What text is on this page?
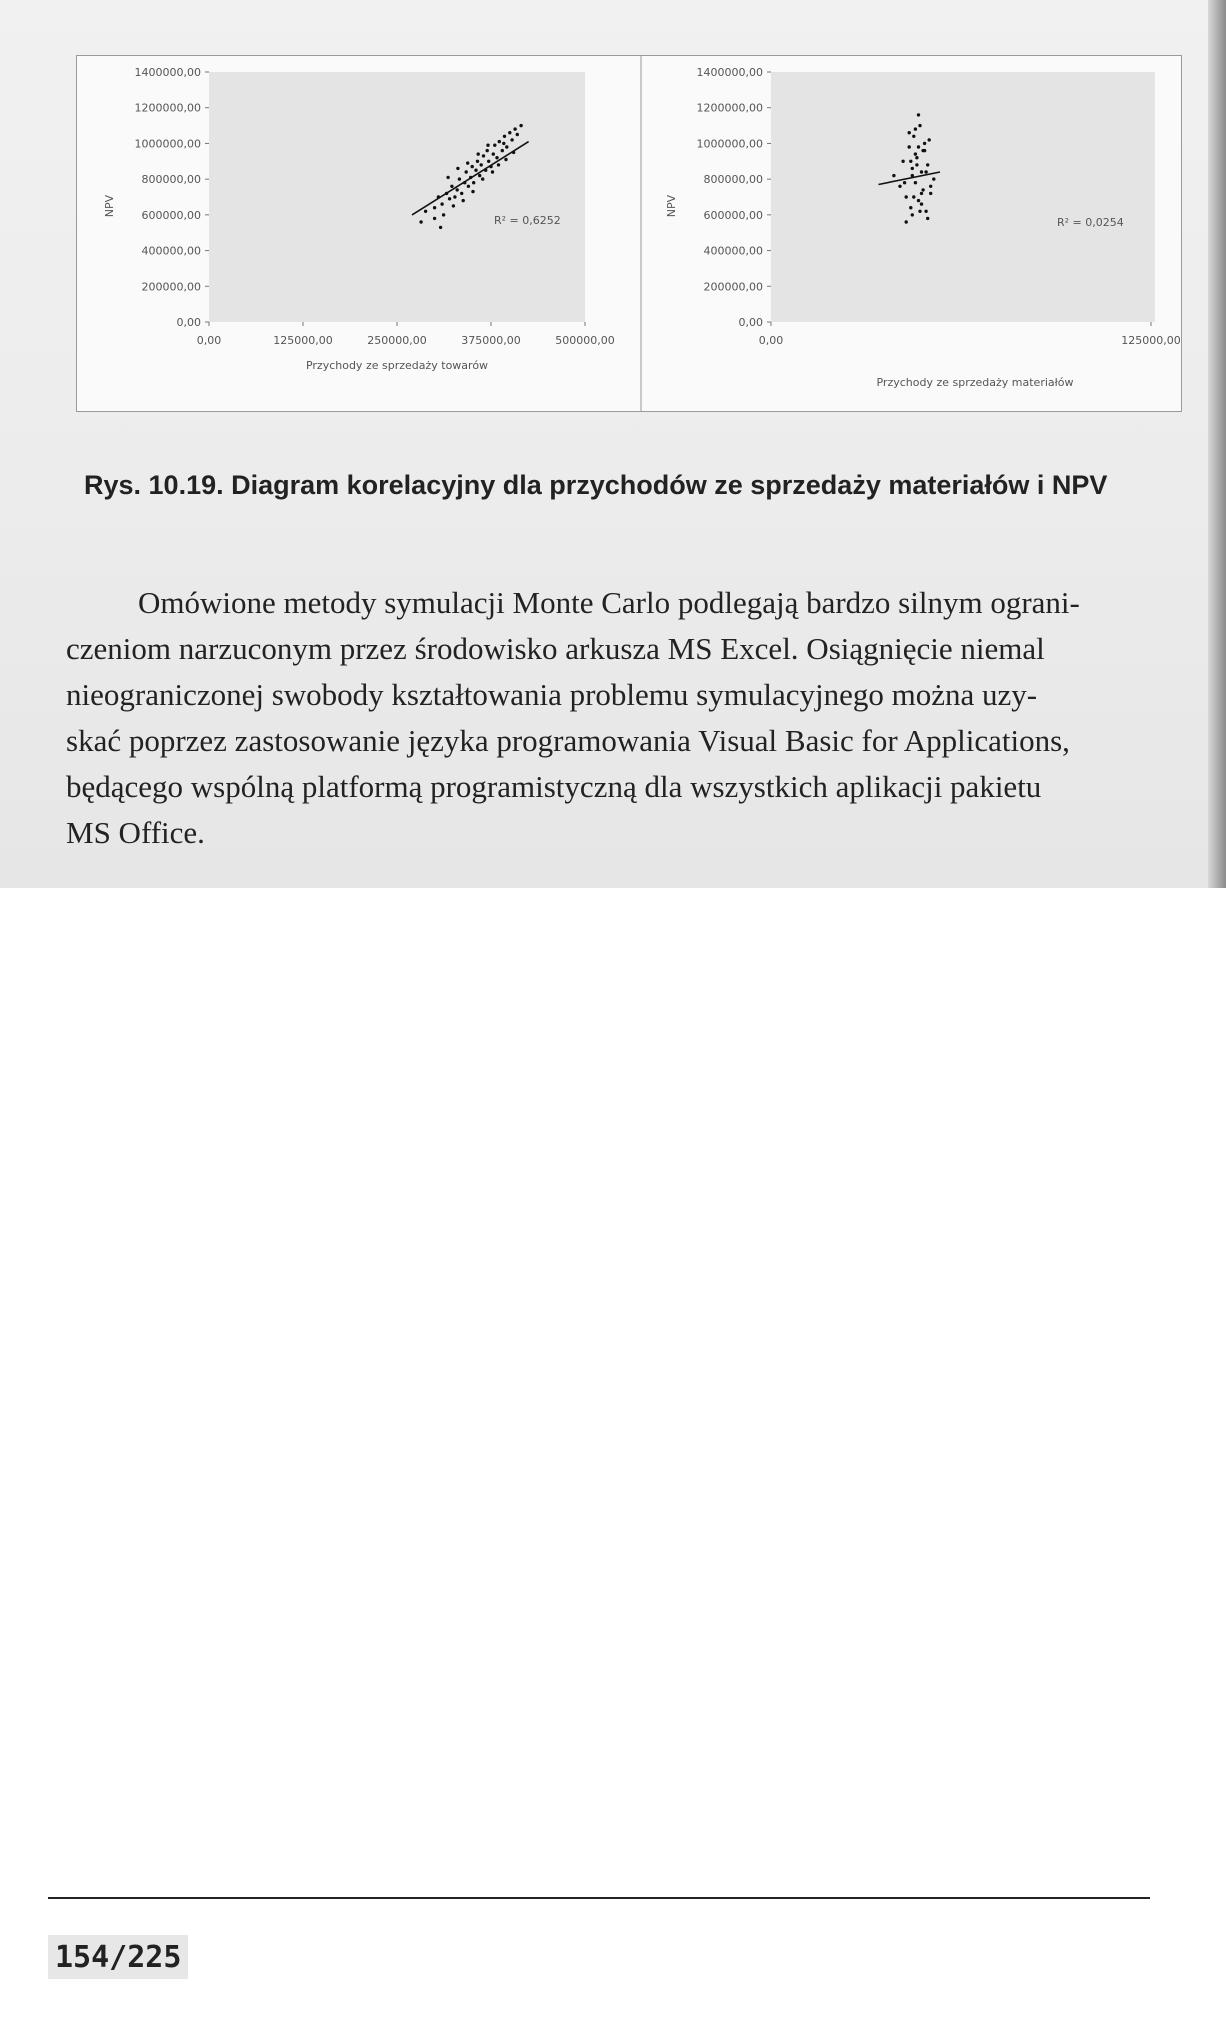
1400000,00
1200000,00
1000000,00
800000,00
600000,00
400000,00
200000,00
0,00
0,00	125000,00	250000,00	375000,00	500000,00
NPV
Przychody ze sprzedaży towarów
R² = 0,6252
1400000,00
1200000,00
1000000,00
800000,00
600000,00
400000,00
200000,00
0,00
0,00	125000,00
NPV
Przychody ze sprzedaży materiałów
R² = 0,0254
Rys. 10.19. Diagram korelacyjny dla przychodów ze sprzedaży materiałów i NPV

Omówione metody symulacji Monte Carlo podlegają bardzo silnym ograni-

czeniom narzuconym przez środowisko arkusza MS Excel. Osiągnięcie niemal

nieograniczonej swobody kształtowania problemu symulacyjnego można uzy-

skać poprzez zastosowanie języka programowania Visual Basic for Applications,

będącego wspólną platformą programistyczną dla wszystkich aplikacji pakietu

MS Office.

154/225
